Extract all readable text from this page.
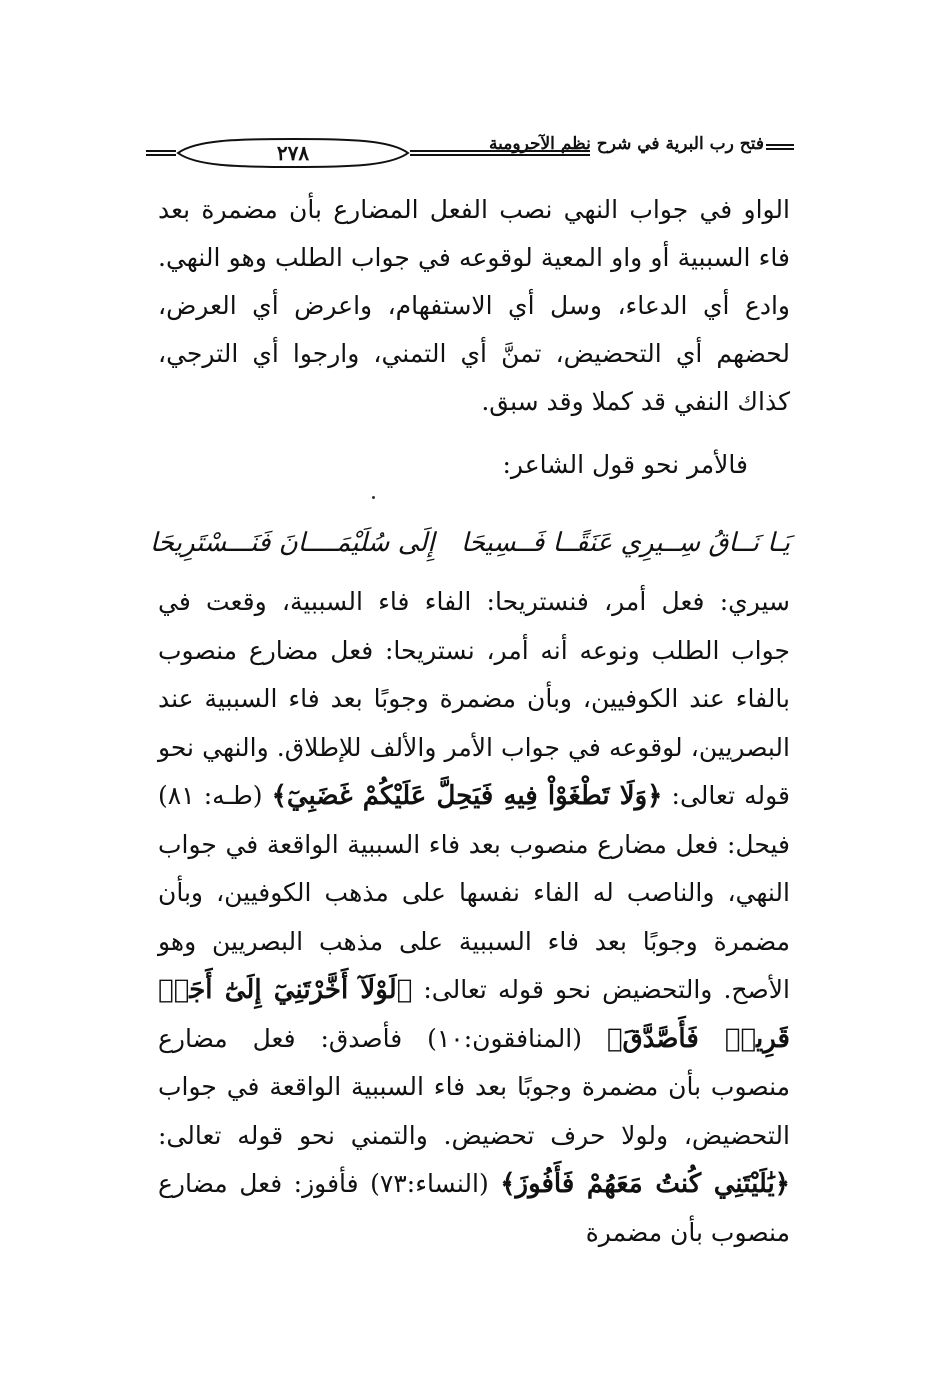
٢٧٨	فتح رب البرية في شرح نظم الآجرومية

الواو في جواب النهي نصب الفعل المضارع بأن مضمرة بعد فاء السببية أو واو المعية لوقوعه في جواب الطلب وهو النهي. وادع أي الدعاء، وسل أي الاستفهام، واعرض أي العرض، لحضهم أي التحضيض، تمنَّ أي التمني، وارجوا أي الترجي، كذاك النفي قد كملا وقد سبق.

فالأمر نحو قول الشاعر:
يَـا نَــاقُ سِــيرِي عَنَقًــا فَــسِيحَا
إِلَى سُلَيْمَــــانَ فَنَـــسْتَرِيحَا

سيري: فعل أمر، فنستريحا: الفاء فاء السببية، وقعت في جواب الطلب ونوعه أنه أمر، نستريحا: فعل مضارع منصوب بالفاء عند الكوفيين، وبأن مضمرة وجوبًا بعد فاء السببية عند البصريين، لوقوعه في جواب الأمر والألف للإطلاق. والنهي نحو قوله تعالى: ﴿وَلَا تَطْغَوْاْ فِيهِ فَيَحِلَّ عَلَيْكُمْ غَضَبِيٓ﴾ (طـه: ٨١) فيحل: فعل مضارع منصوب بعد فاء السببية الواقعة في جواب النهي، والناصب له الفاء نفسها على مذهب الكوفيين، وبأن مضمرة وجوبًا بعد فاء السببية على مذهب البصريين وهو الأصح. والتحضيض نحو قوله تعالى: ﴿لَوْلَآ أَخَّرْتَنِيٓ إِلَىٰٓ أَجَلٖ قَرِيبٖ فَأَصَّدَّقَ﴾ (المنافقون:١٠) فأصدق: فعل مضارع منصوب بأن مضمرة وجوبًا بعد فاء السببية الواقعة في جواب التحضيض، ولولا حرف تحضيض. والتمني نحو قوله تعالى: ﴿يَٰلَيْتَنِي كُنتُ مَعَهُمْ فَأَفُوزَ﴾ (النساء:٧٣) فأفوز: فعل مضارع منصوب بأن مضمرة
